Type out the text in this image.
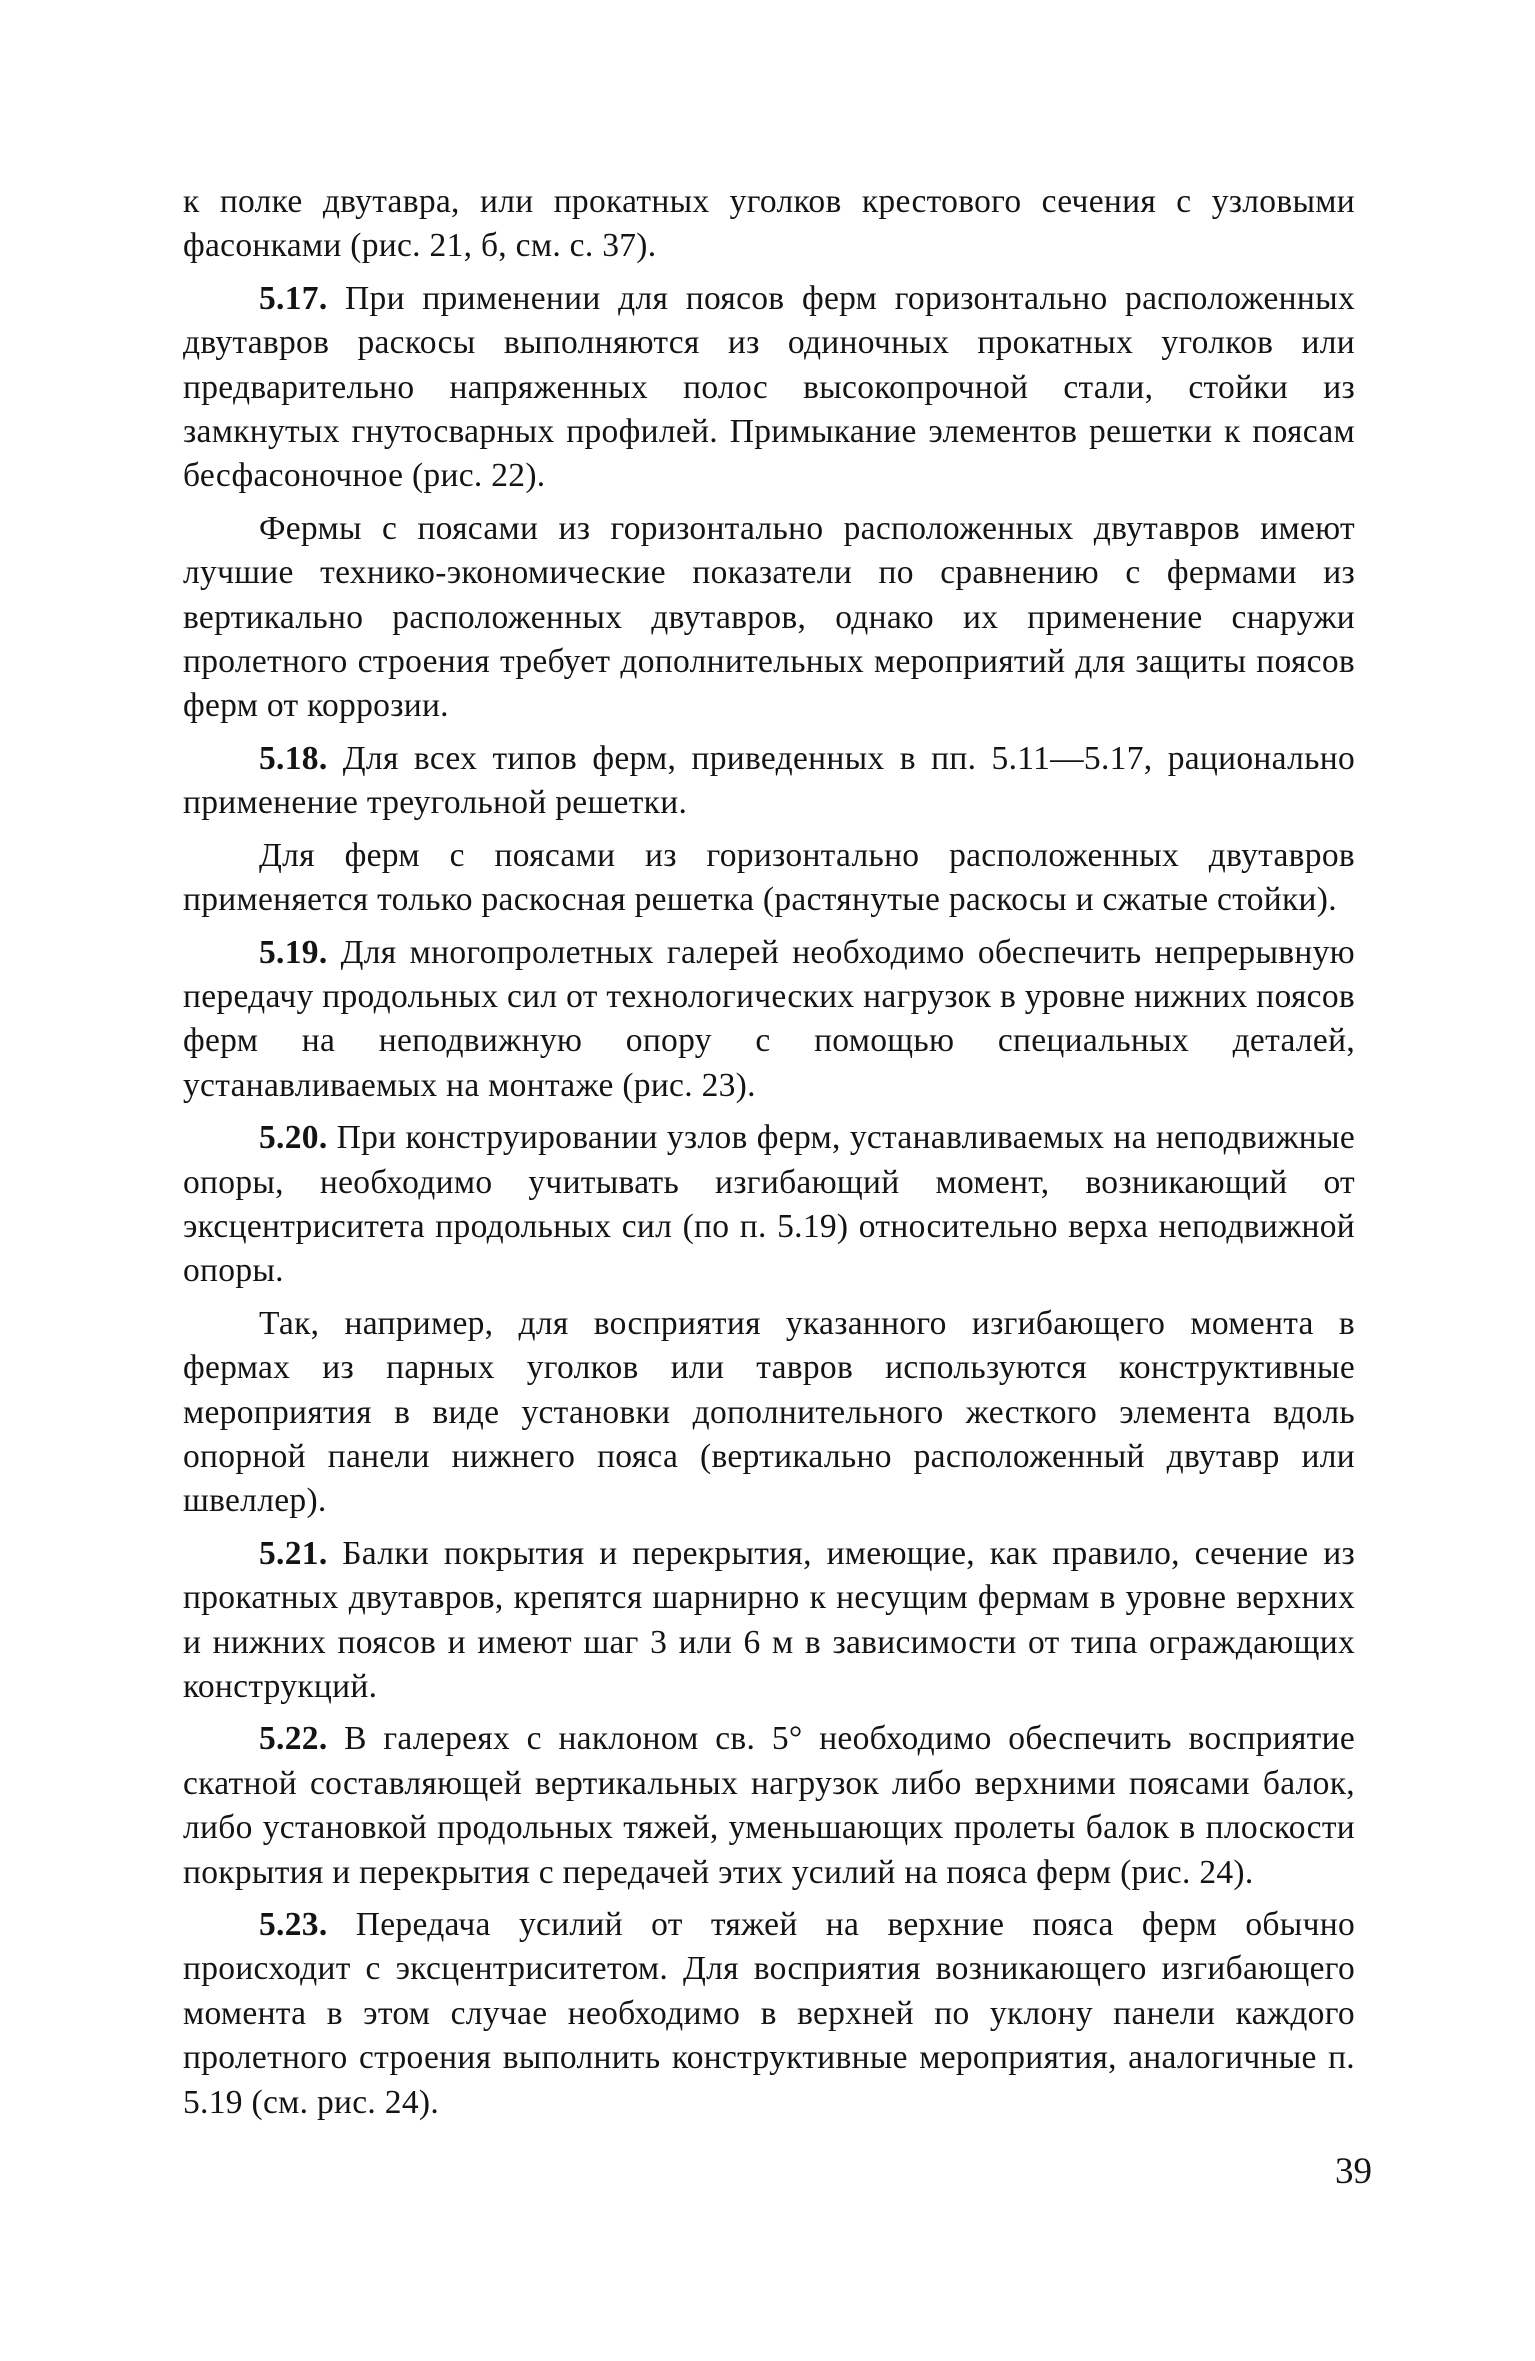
к полке двутавра, или прокатных уголков крестового сечения с узловыми фасонками (рис. 21, б, см. с. 37).

5.17. При применении для поясов ферм горизонтально расположенных двутавров раскосы выполняются из одиночных прокатных уголков или предварительно напряженных полос высокопрочной стали, стойки из замкнутых гнутосварных профилей. Примыкание элементов решетки к поясам бесфасоночное (рис. 22).

Фермы с поясами из горизонтально расположенных двутавров имеют лучшие технико-экономические показатели по сравнению с фермами из вертикально расположенных двутавров, однако их применение снаружи пролетного строения требует дополнительных мероприятий для защиты поясов ферм от коррозии.

5.18. Для всех типов ферм, приведенных в пп. 5.11—5.17, рационально применение треугольной решетки.

Для ферм с поясами из горизонтально расположенных двутавров применяется только раскосная решетка (растянутые раскосы и сжатые стойки).

5.19. Для многопролетных галерей необходимо обеспечить непрерывную передачу продольных сил от технологических нагрузок в уровне нижних поясов ферм на неподвижную опору с помощью специальных деталей, устанавливаемых на монтаже (рис. 23).

5.20. При конструировании узлов ферм, устанавливаемых на неподвижные опоры, необходимо учитывать изгибающий момент, возникающий от эксцентриситета продольных сил (по п. 5.19) относительно верха неподвижной опоры.

Так, например, для восприятия указанного изгибающего момента в фермах из парных уголков или тавров используются конструктивные мероприятия в виде установки дополнительного жесткого элемента вдоль опорной панели нижнего пояса (вертикально расположенный двутавр или швеллер).

5.21. Балки покрытия и перекрытия, имеющие, как правило, сечение из прокатных двутавров, крепятся шарнирно к несущим фермам в уровне верхних и нижних поясов и имеют шаг 3 или 6 м в зависимости от типа ограждающих конструкций.

5.22. В галереях с наклоном св. 5° необходимо обеспечить восприятие скатной составляющей вертикальных нагрузок либо верхними поясами балок, либо установкой продольных тяжей, уменьшающих пролеты балок в плоскости покрытия и перекрытия с передачей этих усилий на пояса ферм (рис. 24).

5.23. Передача усилий от тяжей на верхние пояса ферм обычно происходит с эксцентриситетом. Для восприятия возникающего изгибающего момента в этом случае необходимо в верхней по уклону панели каждого пролетного строения выполнить конструктивные мероприятия, аналогичные п. 5.19 (см. рис. 24).

39
